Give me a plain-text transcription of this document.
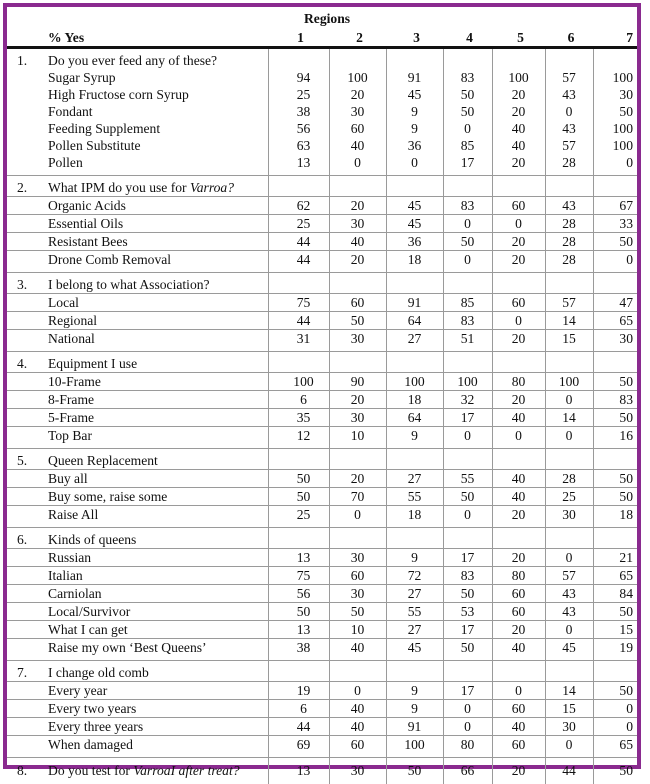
		Regions						
	% Yes	1	2	3	4	5	6	7
1.	Do you ever feed any of these?							
	Sugar Syrup	94	100	91	83	100	57	100
	High Fructose corn Syrup	25	20	45	50	20	43	30
	Fondant	38	30	9	50	20	0	50
	Feeding Supplement	56	60	9	0	40	43	100
	Pollen Substitute	63	40	36	85	40	57	100
	Pollen	13	0	0	17	20	28	0
2.	What IPM do you use for Varroa?							
	Organic Acids	62	20	45	83	60	43	67
	Essential Oils	25	30	45	0	0	28	33
	Resistant Bees	44	40	36	50	20	28	50
	Drone Comb Removal	44	20	18	0	20	28	0
3.	I belong to what Association?							
	Local	75	60	91	85	60	57	47
	Regional	44	50	64	83	0	14	65
	National	31	30	27	51	20	15	30
4.	Equipment I use							
	10-Frame	100	90	100	100	80	100	50
	8-Frame	6	20	18	32	20	0	83
	5-Frame	35	30	64	17	40	14	50
	Top Bar	12	10	9	0	0	0	16
5.	Queen Replacement							
	Buy all	50	20	27	55	40	28	50
	Buy some, raise some	50	70	55	50	40	25	50
	Raise All	25	0	18	0	20	30	18
6.	Kinds of queens							
	Russian	13	30	9	17	20	0	21
	Italian	75	60	72	83	80	57	65
	Carniolan	56	30	27	50	60	43	84
	Local/Survivor	50	50	55	53	60	43	50
	What I can get	13	10	27	17	20	0	15
	Raise my own ‘Best Queens’	38	40	45	50	40	45	19
7.	I change old comb							
	Every year	19	0	9	17	0	14	50
	Every two years	6	40	9	0	60	15	0
	Every three years	44	40	91	0	40	30	0
	When damaged	69	60	100	80	60	0	65
8.	Do you test for VarroaI after treat?	13	30	50	66	20	44	50
